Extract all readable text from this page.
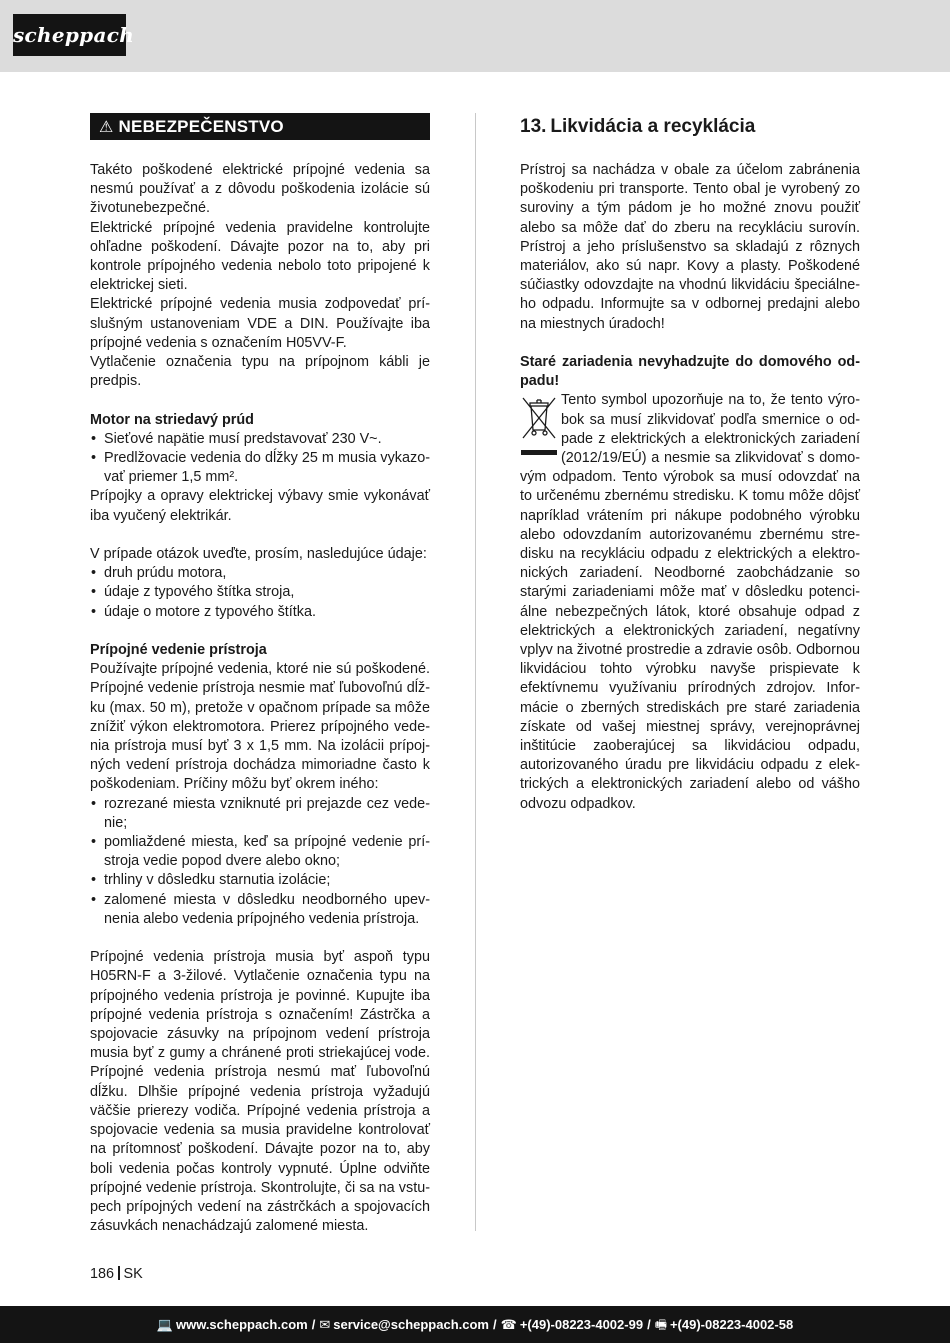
scheppach
⚠ NEBEZPEČENSTVO

Takéto poškodené elektrické prípojné vedenia sa nesmú používať a z dôvodu poškodenia izolácie sú životunebezpečné.

Elektrické prípojné vedenia pravidelne kontrolujte ohľadne poškodení. Dávajte pozor na to, aby pri kontrole prípojného vedenia nebolo toto pripojené k elektrickej sieti.

Elektrické prípojné vedenia musia zodpovedať príslušným ustanoveniam VDE a DIN. Používajte iba prípojné vedenia s označením H05VV-F.

Vytlačenie označenia typu na prípojnom kábli je predpis.

Motor na striedavý prúd

• Sieťové napätie musí predstavovať 230 V~.
• Predlžovacie vedenia do dĺžky 25 m musia vykazovať priemer 1,5 mm².

Prípojky a opravy elektrickej výbavy smie vykonávať iba vyučený elektrikár.

V prípade otázok uveďte, prosím, nasledujúce údaje:

• druh prúdu motora,
• údaje z typového štítka stroja,
• údaje o motore z typového štítka.

Prípojné vedenie prístroja

Používajte prípojné vedenia, ktoré nie sú poškodené. Prípojné vedenie prístroja nesmie mať ľubovoľnú dĺžku (max. 50 m), pretože v opačnom prípade sa môže znížiť výkon elektromotora. Prierez prípojného vedenia prístroja musí byť 3 x 1,5 mm. Na izolácii prípojných vedení prístroja dochádza mimoriadne často k poškodeniam. Príčiny môžu byť okrem iného:

• rozrezané miesta vzniknuté pri prejazde cez vedenie;
• pomliaždené miesta, keď sa prípojné vedenie prístroja vedie popod dvere alebo okno;
• trhliny v dôsledku starnutia izolácie;
• zalomené miesta v dôsledku neodborného upevnenia alebo vedenia prípojného vedenia prístroja.

Prípojné vedenia prístroja musia byť aspoň typu H05RN-F a 3-žilové. Vytlačenie označenia typu na prípojného vedenia prístroja je povinné. Kupujte iba prípojné vedenia prístroja s označením! Zástrčka a spojovacie zásuvky na prípojnom vedení prístroja musia byť z gumy a chránené proti striekajúcej vode. Prípojné vedenia prístroja nesmú mať ľubovoľnú dĺžku. Dlhšie prípojné vedenia prístroja vyžadujú väčšie prierezy vodiča. Prípojné vedenia prístroja a spojovacie vedenia sa musia pravidelne kontrolovať na prítomnosť poškodení. Dávajte pozor na to, aby boli vedenia počas kontroly vypnuté. Úplne odviňte prípojné vedenie prístroja. Skontrolujte, či sa na vstupech prípojných vedení na zástrčkách a spojovacích zásuvkách nenachádzajú zalomené miesta.

13. Likvidácia a recyklácia

Prístroj sa nachádza v obale za účelom zabránenia poškodeniu pri transporte. Tento obal je vyrobený zo suroviny a tým pádom je ho možné znovu použiť alebo sa môže dať do zberu na recykláciu surovín. Prístroj a jeho príslušenstvo sa skladajú z rôznych materiálov, ako sú napr. Kovy a plasty. Poškodené súčiastky odovzdajte na vhodnú likvidáciu špeciálneho odpadu. Informujte sa v odbornej predajni alebo na miestnych úradoch!

Staré zariadenia nevyhadzujte do domového odpadu!

Tento symbol upozorňuje na to, že tento výrobok sa musí zlikvidovať podľa smernice o odpade z elektrických a elektronických zariadení (2012/19/EÚ) a nesmie sa zlikvidovať s domovým odpadom. Tento výrobok sa musí odovzdať na to určenému zbernému stredisku. K tomu môže dôjsť napríklad vrátením pri nákupe podobného výrobku alebo odovzdaním autorizovanému zbernému stredisku na recykláciu odpadu z elektrických a elektronických zariadení. Neodborné zaobchádzanie so starými zariadeniami môže mať v dôsledku potenciálne nebezpečných látok, ktoré obsahuje odpad z elektrických a elektronických zariadení, negatívny vplyv na životné prostredie a zdravie osôb. Odbornou likvidáciou tohto výrobku navyše prispievate k efektívnemu využívaniu prírodných zdrojov. Informácie o zberných strediskách pre staré zariadenia získate od vašej miestnej správy, verejnoprávnej inštitúcie zaoberajúcej sa likvidáciou odpadu, autorizovaného úradu pre likvidáciu odpadu z elektrických a elektronických zariadení alebo od vášho odvozu odpadkov.

186 SK
💻 www.scheppach.com / ✉ service@scheppach.com / ☎ +(49)-08223-4002-99 / 🖷 +(49)-08223-4002-58
